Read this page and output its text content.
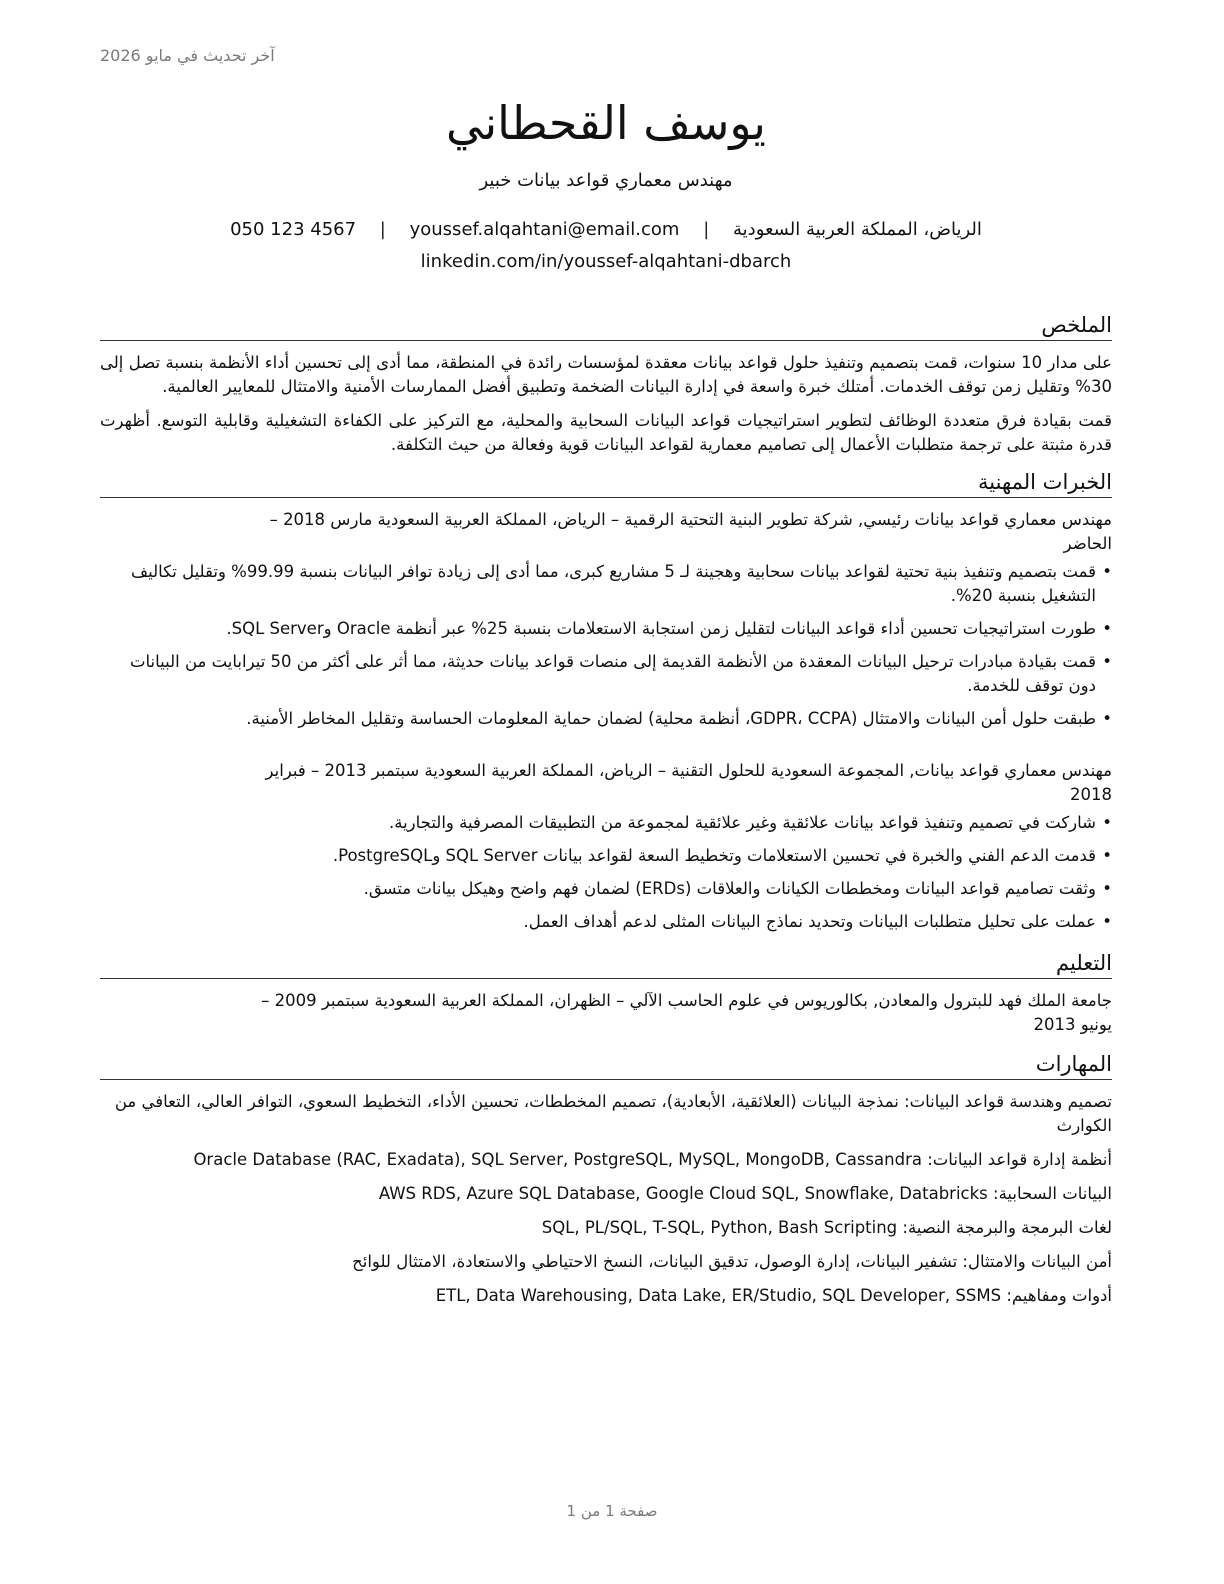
آخر تحديث في مايو 2026
يوسف القحطاني
مهندس معماري قواعد بيانات خبير
الرياض، المملكة العربية السعودية | youssef.alqahtani@email.com | 050 123 4567
linkedin.com/in/youssef-alqahtani-dbarch
الملخص

على مدار 10 سنوات، قمت بتصميم وتنفيذ حلول قواعد بيانات معقدة لمؤسسات رائدة في المنطقة، مما أدى إلى تحسين أداء الأنظمة بنسبة تصل إلى 30% وتقليل زمن توقف الخدمات. أمتلك خبرة واسعة في إدارة البيانات الضخمة وتطبيق أفضل الممارسات الأمنية والامتثال للمعايير العالمية.

قمت بقيادة فرق متعددة الوظائف لتطوير استراتيجيات قواعد البيانات السحابية والمحلية، مع التركيز على الكفاءة التشغيلية وقابلية التوسع. أظهرت قدرة مثبتة على ترجمة متطلبات الأعمال إلى تصاميم معمارية لقواعد البيانات قوية وفعالة من حيث التكلفة.

الخبرات المهنية
مهندس معماري قواعد بيانات رئيسي, شركة تطوير البنية التحتية الرقمية – الرياض، المملكة العربية السعودية مارس 2018 – الحاضر
• قمت بتصميم وتنفيذ بنية تحتية لقواعد بيانات سحابية وهجينة لـ 5 مشاريع كبرى، مما أدى إلى زيادة توافر البيانات بنسبة 99.99% وتقليل تكاليف التشغيل بنسبة 20%.
• طورت استراتيجيات تحسين أداء قواعد البيانات لتقليل زمن استجابة الاستعلامات بنسبة 25% عبر أنظمة Oracle وSQL Server.
• قمت بقيادة مبادرات ترحيل البيانات المعقدة من الأنظمة القديمة إلى منصات قواعد بيانات حديثة، مما أثر على أكثر من 50 تيرابايت من البيانات دون توقف للخدمة.
• طبقت حلول أمن البيانات والامتثال (GDPR، CCPA، أنظمة محلية) لضمان حماية المعلومات الحساسة وتقليل المخاطر الأمنية.
مهندس معماري قواعد بيانات, المجموعة السعودية للحلول التقنية – الرياض، المملكة العربية السعودية سبتمبر 2013 – فبراير 2018
• شاركت في تصميم وتنفيذ قواعد بيانات علائقية وغير علائقية لمجموعة من التطبيقات المصرفية والتجارية.
• قدمت الدعم الفني والخبرة في تحسين الاستعلامات وتخطيط السعة لقواعد بيانات SQL Server وPostgreSQL.
• وثقت تصاميم قواعد البيانات ومخططات الكيانات والعلاقات (ERDs) لضمان فهم واضح وهيكل بيانات متسق.
• عملت على تحليل متطلبات البيانات وتحديد نماذج البيانات المثلى لدعم أهداف العمل.
التعليم
جامعة الملك فهد للبترول والمعادن, بكالوريوس في علوم الحاسب الآلي – الظهران، المملكة العربية السعودية سبتمبر 2009 – يونيو 2013
المهارات

تصميم وهندسة قواعد البيانات: نمذجة البيانات (العلائقية، الأبعادية)، تصميم المخططات، تحسين الأداء، التخطيط السعوي، التوافر العالي، التعافي من الكوارث

أنظمة إدارة قواعد البيانات: Oracle Database (RAC, Exadata), SQL Server, PostgreSQL, MySQL, MongoDB, Cassandra

البيانات السحابية: AWS RDS, Azure SQL Database, Google Cloud SQL, Snowflake, Databricks

لغات البرمجة والبرمجة النصية: SQL, PL/SQL, T-SQL, Python, Bash Scripting

أمن البيانات والامتثال: تشفير البيانات، إدارة الوصول، تدقيق البيانات، النسخ الاحتياطي والاستعادة، الامتثال للوائح

أدوات ومفاهيم: ETL, Data Warehousing, Data Lake, ER/Studio, SQL Developer, SSMS

صفحة 1 من 1
